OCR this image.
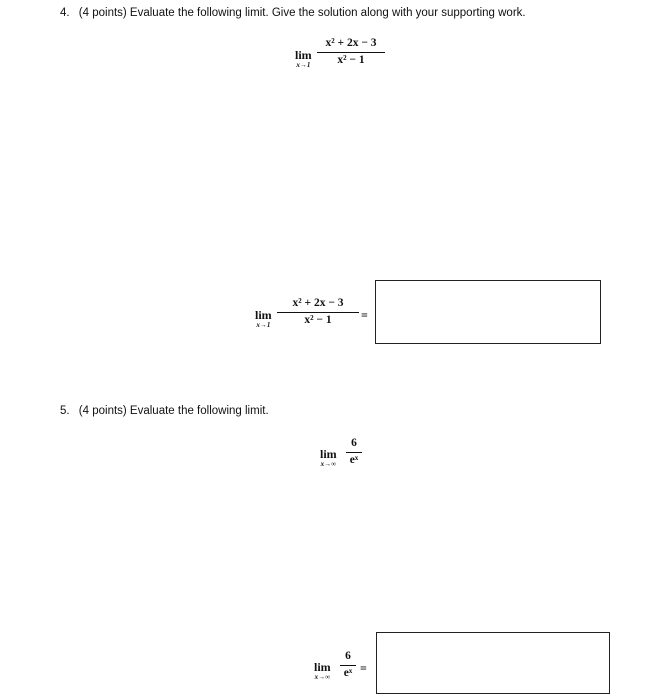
4. (4 points) Evaluate the following limit. Give the solution along with your supporting work.
lim
x→1
x² + 2x − 3
x² − 1
lim
x→1
x² + 2x − 3
x² − 1	=
5. (4 points) Evaluate the following limit.
lim
x→∞
6
eˣ
lim
x→∞
6
eˣ =
